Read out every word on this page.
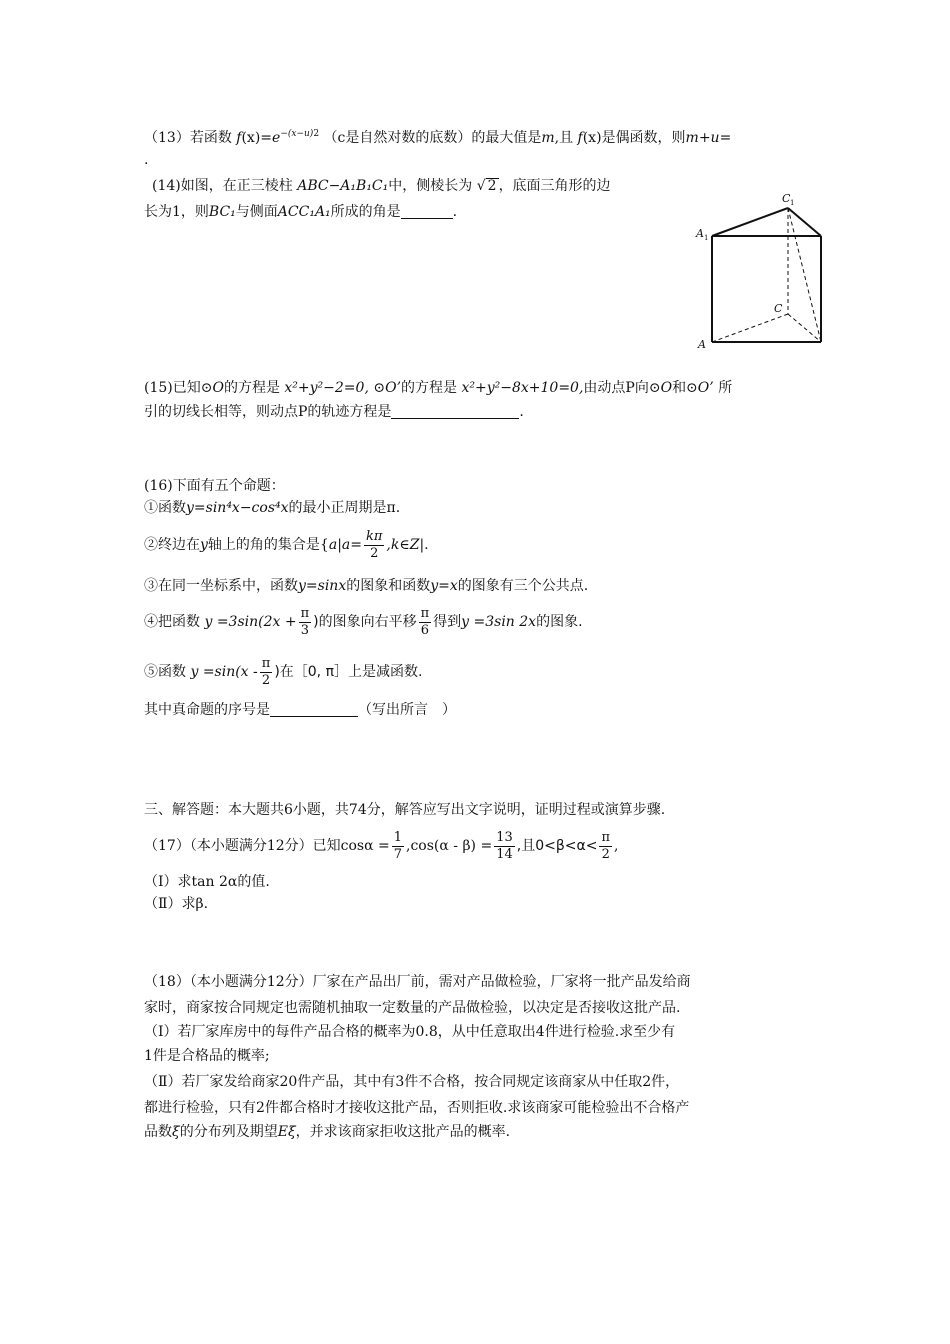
（13）若函数 $f(x)=e^{-(x-u)2}$ （c是自然对数的底数）的最大值是m,且 f(x)是偶函数，则m+u=
.
(14)如图，在正三棱柱 ABC−A₁B₁C₁中，侧棱长为 √ 2 ，底面三角形的边
长为1，则BC₁与侧面ACC₁A₁所成的角是	.
C 1
A 1
C
A
(15)已知⊙O的方程是 x²+y²−2=0, ⊙O’的方程是 x²+y²−8x+10=0,由动点P向⊙O和⊙O’ 所
引的切线长相等，则动点P的轨迹方程是	.
(16)下面有五个命题：
①函数y=sin⁴x−cos⁴x的最小正周期是π.
②终边在y轴上的角的集合是{$a|a= \frac{k\pi}{2}$ ,k∈Z|.
③在同一坐标系中，函数y=sinx的图象和函数y=x的图象有三个公共点.
④把函数 $y =3\sin(2x + \frac{\pi}{3}$ )的图象向右平移 $\frac{\pi}{6}$ 得到y =3sin 2x的图象.
⑤函数 $y =\sin(x - \frac{\pi}{2}$ )在［0, π］上是减函数.
其中真命题的序号是	（写出所言　）
三、解答题：本大题共6小题，共74分，解答应写出文字说明，证明过程或演算步骤.
（17）（本小题满分12分）已知$\cos\alpha = \frac{1}{7} ,\cos(\alpha - \beta) = \frac{13}{14}$ ,且$0<\beta<\alpha< \frac{\pi}{2}$ ,
（Ⅰ）求tan 2α的值.
（Ⅱ）求β.
（18）（本小题满分12分）厂家在产品出厂前，需对产品做检验，厂家将一批产品发给商
家时，商家按合同规定也需随机抽取一定数量的产品做检验，以决定是否接收这批产品.
（Ⅰ）若厂家库房中的每件产品合格的概率为0.8，从中任意取出4件进行检验.求至少有
1件是合格品的概率;
（Ⅱ）若厂家发给商家20件产品，其中有3件不合格，按合同规定该商家从中任取2件，
都进行检验，只有2件都合格时才接收这批产品，否则拒收.求该商家可能检验出不合格产
品数ξ的分布列及期望Eξ，并求该商家拒收这批产品的概率.
